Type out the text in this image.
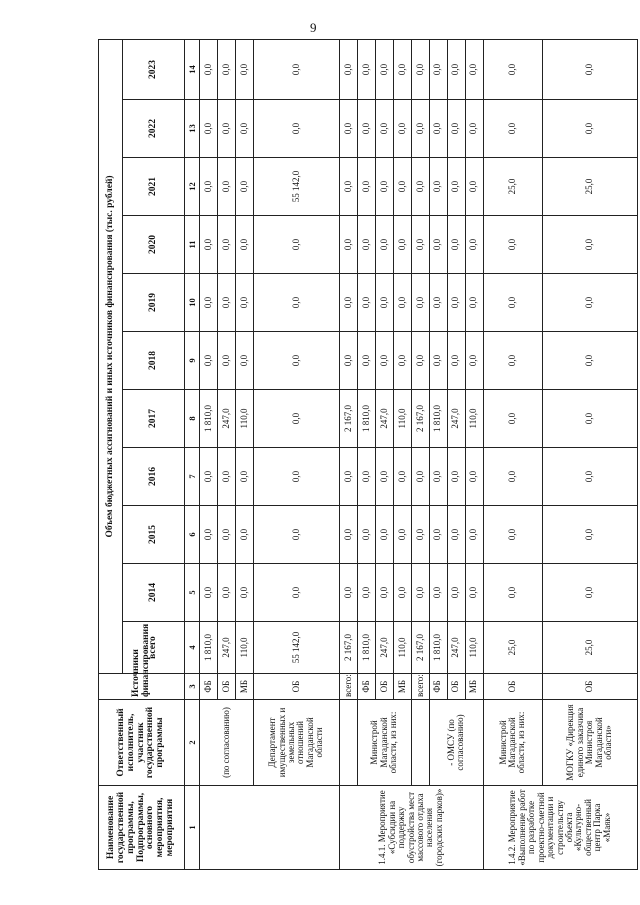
9
Наименование государственной программы, Подпрограммы, основного мероприятия, мероприятия	Ответственный исполнитель, участник государственной программы	Источники финансирования	Объем бюджетных ассигнований и иных источников финансирования (тыс. рублей)										
			всего	2014	2015	2016	2017	2018	2019	2020	2021	2022	2023
1	2	3	4	5	6	7	8	9	10	11	12	13	14
	(по согласованию)	ФБ	1 810,0	0,0	0,0	0,0	1 810,0	0,0	0,0	0,0	0,0	0,0	0,0
		ОБ	247,0	0,0	0,0	0,0	247,0	0,0	0,0	0,0	0,0	0,0	0,0
		МБ	110,0	0,0	0,0	0,0	110,0	0,0	0,0	0,0	0,0	0,0	0,0
	Департамент имущественных и земельных отношений Магаданской области	ОБ	55 142,0	0,0	0,0	0,0	0,0	0,0	0,0	0,0	55 142,0	0,0	0,0
1.4.1. Мероприятие «Субсидии на поддержку обустройства мест массового отдыха населения (городских парков)»		всего:	2 167,0	0,0	0,0	0,0	2 167,0	0,0	0,0	0,0	0,0	0,0	0,0
	Министрой Магаданской области, из них:	ФБ	1 810,0	0,0	0,0	0,0	1 810,0	0,0	0,0	0,0	0,0	0,0	0,0
		ОБ	247,0	0,0	0,0	0,0	247,0	0,0	0,0	0,0	0,0	0,0	0,0
		МБ	110,0	0,0	0,0	0,0	110,0	0,0	0,0	0,0	0,0	0,0	0,0
		всего:	2 167,0	0,0	0,0	0,0	2 167,0	0,0	0,0	0,0	0,0	0,0	0,0
	- ОМСУ (по согласованию)	ФБ	1 810,0	0,0	0,0	0,0	1 810,0	0,0	0,0	0,0	0,0	0,0	0,0
		ОБ	247,0	0,0	0,0	0,0	247,0	0,0	0,0	0,0	0,0	0,0	0,0
		МБ	110,0	0,0	0,0	0,0	110,0	0,0	0,0	0,0	0,0	0,0	0,0
1.4.2. Мероприятие «Выполнение работ по разработке проектно-сметной документации и строительству объекта «Культурно-общественный центр Парка «Маяк»	Министрой Магаданской области, из них:	ОБ	25,0	0,0	0,0	0,0	0,0	0,0	0,0	0,0	25,0	0,0	0,0
	МОГКУ «Дирекция единого заказчика Министроя Магаданской области»	ОБ	25,0	0,0	0,0	0,0	0,0	0,0	0,0	0,0	25,0	0,0	0,0
